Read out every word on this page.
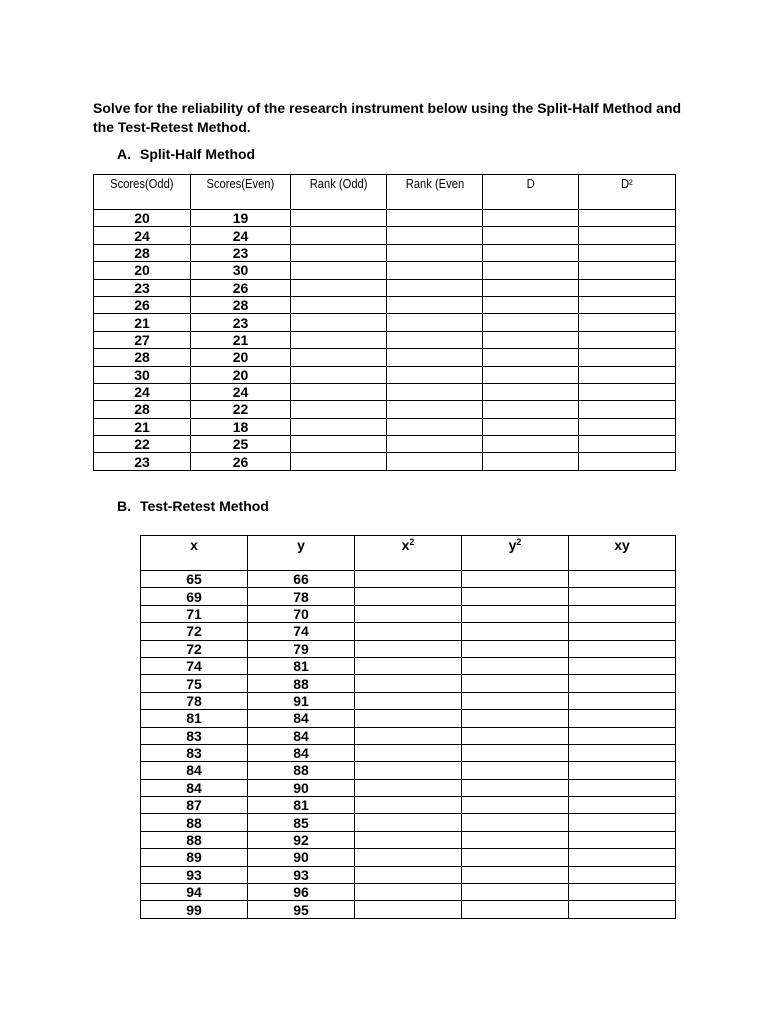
Solve for the reliability of the research instrument below using the Split-Half Method and the Test-Retest Method.
A. Split-Half Method
Scores(Odd)	Scores(Even)	Rank (Odd)	Rank (Even	D	D²
20	19				
24	24				
28	23				
20	30				
23	26				
26	28				
21	23				
27	21				
28	20				
30	20				
24	24				
28	22				
21	18				
22	25				
23	26				
B. Test-Retest Method
x	y	$x^2$	$y^2$	xy
65	66			
69	78			
71	70			
72	74			
72	79			
74	81			
75	88			
78	91			
81	84			
83	84			
83	84			
84	88			
84	90			
87	81			
88	85			
88	92			
89	90			
93	93			
94	96			
99	95			
